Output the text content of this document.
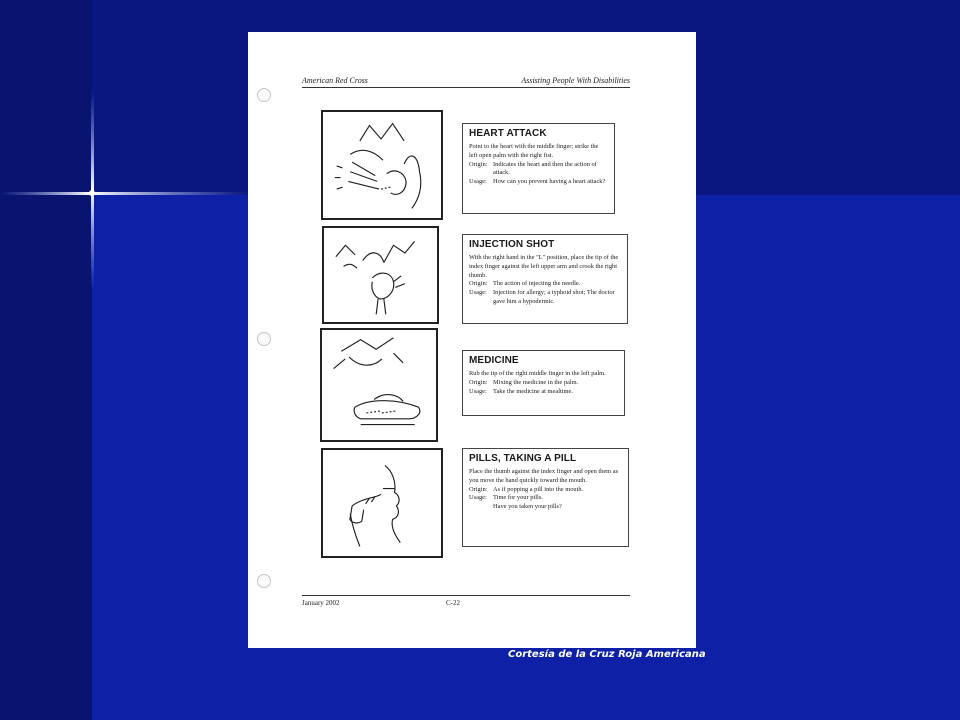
American Red Cross	Assisting People With Disabilities
HEART ATTACK
Point to the heart with the middle finger; strike the left open palm with the right fist.
Origin: Indicates the heart and then the action of attack.
Usage: How can you prevent having a heart attack?
INJECTION SHOT
With the right hand in the "L" position, place the tip of the index finger against the left upper arm and crook the right thumb.
Origin: The action of injecting the needle.
Usage: Injection for allergy; a typhoid shot; The doctor gave him a hypodermic.
MEDICINE
Rub the tip of the right middle finger in the left palm.
Origin: Mixing the medicine in the palm.
Usage: Take the medicine at mealtime.
PILLS, TAKING A PILL
Place the thumb against the index finger and open them as you move the hand quickly toward the mouth.
Origin: As if popping a pill into the mouth.
Usage: Time for your pills.
Have you taken your pills?
January 2002	C-22
Cortesía de la Cruz Roja Americana
